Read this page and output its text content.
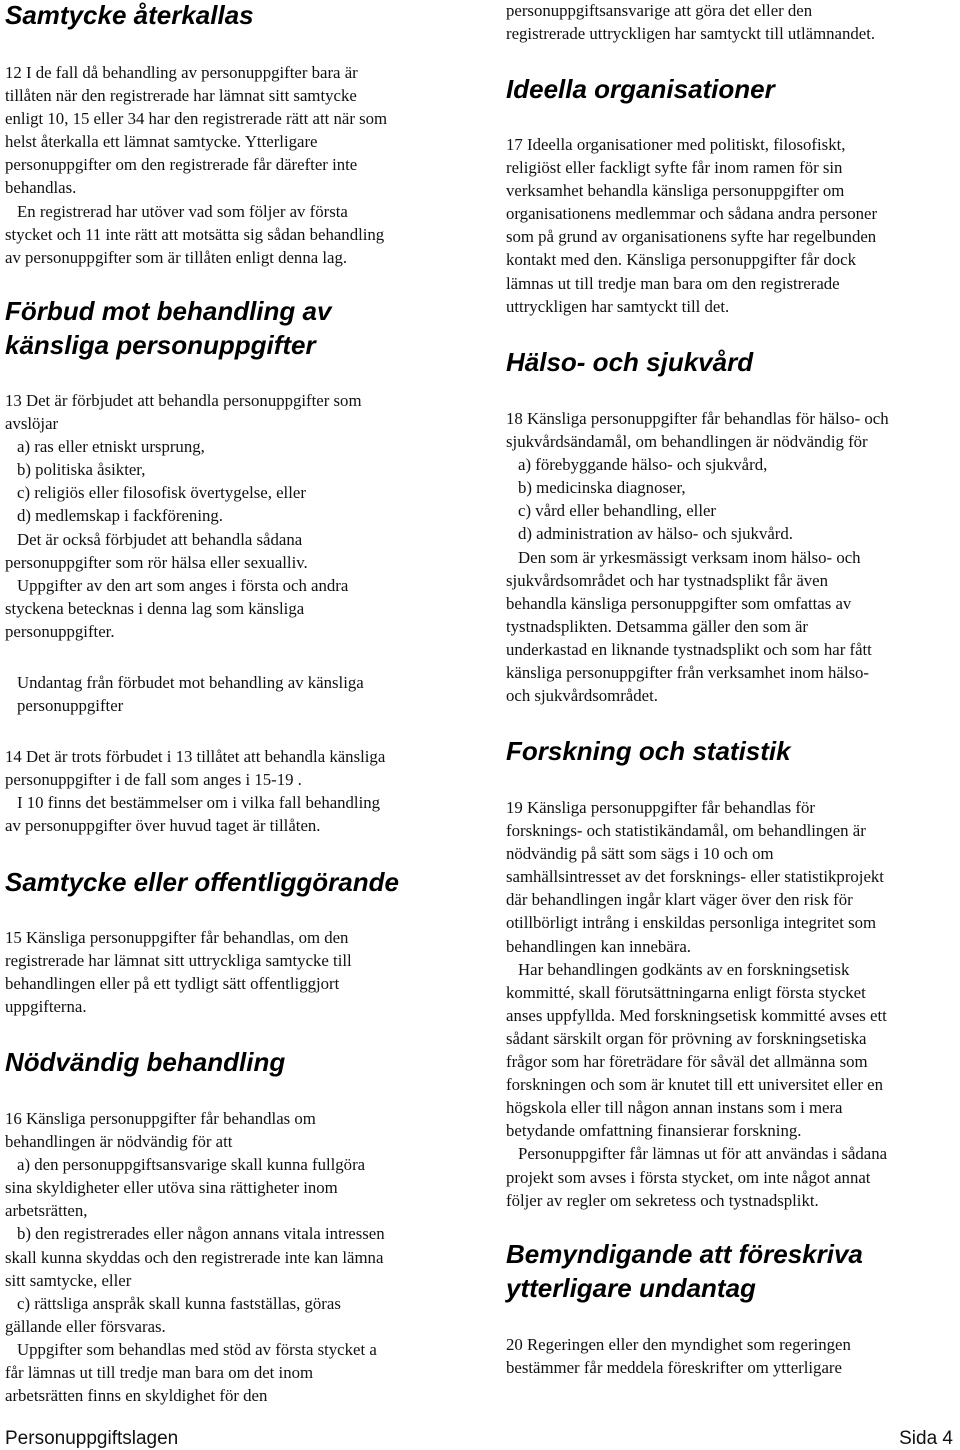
Samtycke återkallas
12 I de fall då behandling av personuppgifter bara är
tillåten när den registrerade har lämnat sitt samtycke
enligt 10, 15 eller 34 har den registrerade rätt att när som
helst återkalla ett lämnat samtycke. Ytterligare
personuppgifter om den registrerade får därefter inte
behandlas.
En registrerad har utöver vad som följer av första
stycket och 11 inte rätt att motsätta sig sådan behandling
av personuppgifter som är tillåten enligt denna lag.
Förbud mot behandling av
känsliga personuppgifter
13 Det är förbjudet att behandla personuppgifter som
avslöjar
a) ras eller etniskt ursprung,
b) politiska åsikter,
c) religiös eller filosofisk övertygelse, eller
d) medlemskap i fackförening.
Det är också förbjudet att behandla sådana
personuppgifter som rör hälsa eller sexualliv.
Uppgifter av den art som anges i första och andra
styckena betecknas i denna lag som känsliga
personuppgifter.
Undantag från förbudet mot behandling av känsliga
personuppgifter
14 Det är trots förbudet i 13 tillåtet att behandla känsliga
personuppgifter i de fall som anges i 15-19 .
I 10 finns det bestämmelser om i vilka fall behandling
av personuppgifter över huvud taget är tillåten.
Samtycke eller offentliggörande
15 Känsliga personuppgifter får behandlas, om den
registrerade har lämnat sitt uttryckliga samtycke till
behandlingen eller på ett tydligt sätt offentliggjort
uppgifterna.
Nödvändig behandling
16 Känsliga personuppgifter får behandlas om
behandlingen är nödvändig för att
a) den personuppgiftsansvarige skall kunna fullgöra
sina skyldigheter eller utöva sina rättigheter inom
arbetsrätten,
b) den registrerades eller någon annans vitala intressen
skall kunna skyddas och den registrerade inte kan lämna
sitt samtycke, eller
c) rättsliga anspråk skall kunna fastställas, göras
gällande eller försvaras.
Uppgifter som behandlas med stöd av första stycket a
får lämnas ut till tredje man bara om det inom
arbetsrätten finns en skyldighet för den
personuppgiftsansvarige att göra det eller den
registrerade uttryckligen har samtyckt till utlämnandet.
Ideella organisationer
17 Ideella organisationer med politiskt, filosofiskt,
religiöst eller fackligt syfte får inom ramen för sin
verksamhet behandla känsliga personuppgifter om
organisationens medlemmar och sådana andra personer
som på grund av organisationens syfte har regelbunden
kontakt med den. Känsliga personuppgifter får dock
lämnas ut till tredje man bara om den registrerade
uttryckligen har samtyckt till det.
Hälso- och sjukvård
18 Känsliga personuppgifter får behandlas för hälso- och
sjukvårdsändamål, om behandlingen är nödvändig för
a) förebyggande hälso- och sjukvård,
b) medicinska diagnoser,
c) vård eller behandling, eller
d) administration av hälso- och sjukvård.
Den som är yrkesmässigt verksam inom hälso- och
sjukvårdsområdet och har tystnadsplikt får även
behandla känsliga personuppgifter som omfattas av
tystnadsplikten. Detsamma gäller den som är
underkastad en liknande tystnadsplikt och som har fått
känsliga personuppgifter från verksamhet inom hälso-
och sjukvårdsområdet.
Forskning och statistik
19 Känsliga personuppgifter får behandlas för
forsknings- och statistikändamål, om behandlingen är
nödvändig på sätt som sägs i 10 och om
samhällsintresset av det forsknings- eller statistikprojekt
där behandlingen ingår klart väger över den risk för
otillbörligt intrång i enskildas personliga integritet som
behandlingen kan innebära.
Har behandlingen godkänts av en forskningsetisk
kommitté, skall förutsättningarna enligt första stycket
anses uppfyllda. Med forskningsetisk kommitté avses ett
sådant särskilt organ för prövning av forskningsetiska
frågor som har företrädare för såväl det allmänna som
forskningen och som är knutet till ett universitet eller en
högskola eller till någon annan instans som i mera
betydande omfattning finansierar forskning.
Personuppgifter får lämnas ut för att användas i sådana
projekt som avses i första stycket, om inte något annat
följer av regler om sekretess och tystnadsplikt.
Bemyndigande att föreskriva
ytterligare undantag
20 Regeringen eller den myndighet som regeringen
bestämmer får meddela föreskrifter om ytterligare
Personuppgiftslagen	Sida 4
